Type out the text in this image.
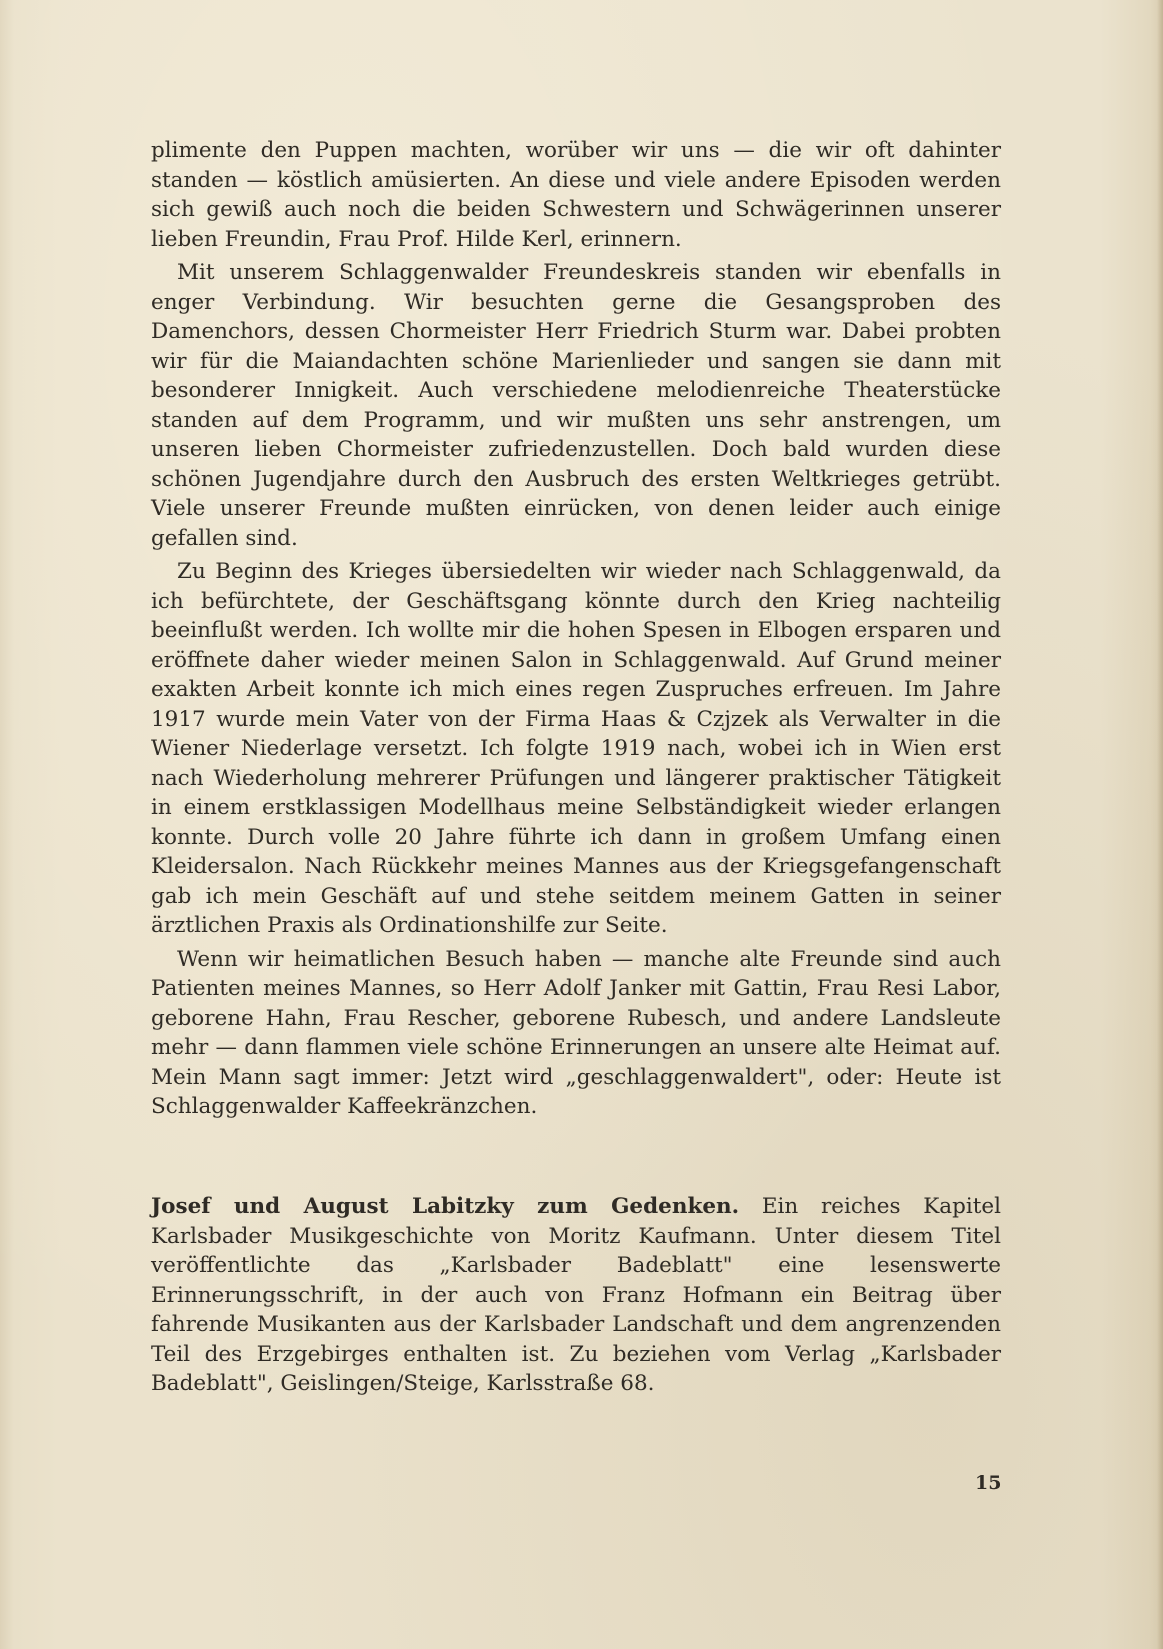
plimente den Puppen machten, worüber wir uns — die wir oft dahinter standen — köstlich amüsierten. An diese und viele andere Episoden werden sich gewiß auch noch die beiden Schwestern und Schwägerinnen unserer lieben Freundin, Frau Prof. Hilde Kerl, erinnern.

Mit unserem Schlaggenwalder Freundeskreis standen wir ebenfalls in enger Verbindung. Wir besuchten gerne die Gesangsproben des Damenchors, dessen Chormeister Herr Friedrich Sturm war. Dabei probten wir für die Maiandachten schöne Marienlieder und sangen sie dann mit besonderer Innigkeit. Auch verschiedene melodienreiche Theaterstücke standen auf dem Programm, und wir mußten uns sehr anstrengen, um unseren lieben Chormeister zufriedenzustellen. Doch bald wurden diese schönen Jugendjahre durch den Ausbruch des ersten Weltkrieges getrübt. Viele unserer Freunde mußten einrücken, von denen leider auch einige gefallen sind.

Zu Beginn des Krieges übersiedelten wir wieder nach Schlaggenwald, da ich befürchtete, der Geschäftsgang könnte durch den Krieg nachteilig beeinflußt werden. Ich wollte mir die hohen Spesen in Elbogen ersparen und eröffnete daher wieder meinen Salon in Schlaggenwald. Auf Grund meiner exakten Arbeit konnte ich mich eines regen Zuspruches erfreuen. Im Jahre 1917 wurde mein Vater von der Firma Haas & Czjzek als Verwalter in die Wiener Niederlage versetzt. Ich folgte 1919 nach, wobei ich in Wien erst nach Wiederholung mehrerer Prüfungen und längerer praktischer Tätigkeit in einem erstklassigen Modellhaus meine Selbständigkeit wieder erlangen konnte. Durch volle 20 Jahre führte ich dann in großem Umfang einen Kleidersalon. Nach Rückkehr meines Mannes aus der Kriegsgefangenschaft gab ich mein Geschäft auf und stehe seitdem meinem Gatten in seiner ärztlichen Praxis als Ordinationshilfe zur Seite.

Wenn wir heimatlichen Besuch haben — manche alte Freunde sind auch Patienten meines Mannes, so Herr Adolf Janker mit Gattin, Frau Resi Labor, geborene Hahn, Frau Rescher, geborene Rubesch, und andere Landsleute mehr — dann flammen viele schöne Erinnerungen an unsere alte Heimat auf. Mein Mann sagt immer: Jetzt wird „geschlaggenwaldert", oder: Heute ist Schlaggenwalder Kaffeekränzchen.

Josef und August Labitzky zum Gedenken. Ein reiches Kapitel Karlsbader Musikgeschichte von Moritz Kaufmann. Unter diesem Titel veröffentlichte das „Karlsbader Badeblatt" eine lesenswerte Erinnerungsschrift, in der auch von Franz Hofmann ein Beitrag über fahrende Musikanten aus der Karlsbader Landschaft und dem angrenzenden Teil des Erzgebirges enthalten ist. Zu beziehen vom Verlag „Karlsbader Badeblatt", Geislingen/Steige, Karlsstraße 68.

15
